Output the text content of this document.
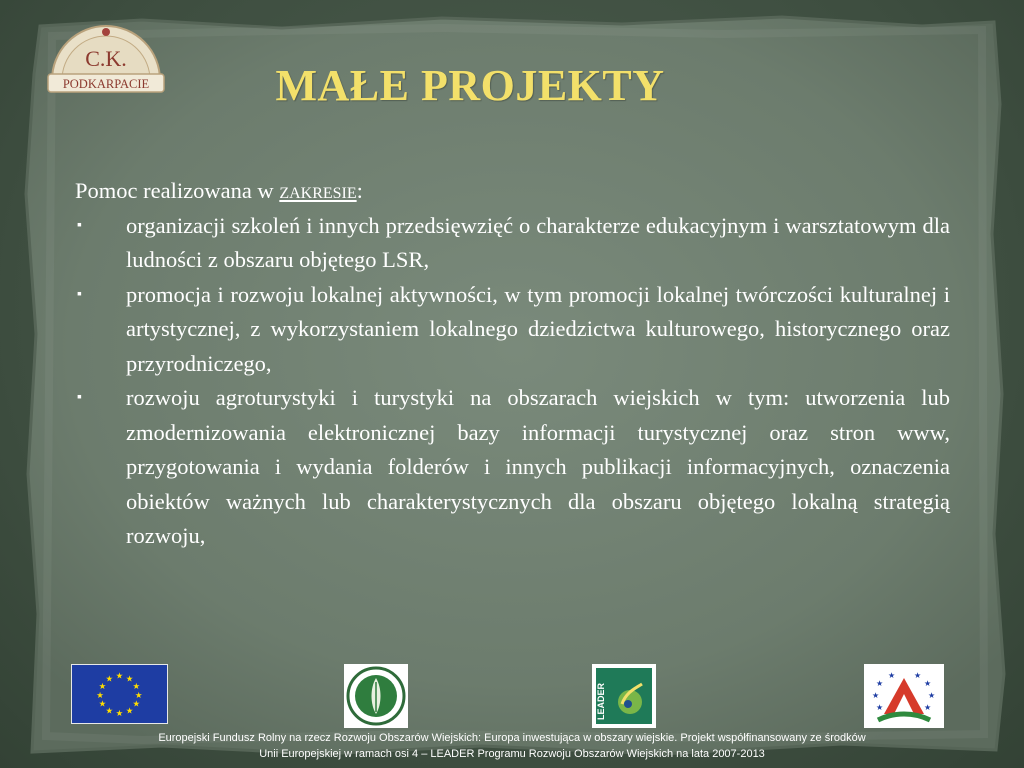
C.K.
PODKARPACIE	MAŁE PROJEKTY

Pomoc realizowana w zakresie:

▪ organizacji szkoleń i innych przedsięwzięć o charakterze edukacyjnym i warsztatowym dla ludności z obszaru objętego LSR,
▪ promocja i rozwoju lokalnej aktywności, w tym promocji lokalnej twórczości kulturalnej i artystycznej, z wykorzystaniem lokalnego dziedzictwa kulturowego, historycznego oraz przyrodniczego,
▪ rozwoju agroturystyki i turystyki na obszarach wiejskich w tym: utworzenia lub zmodernizowania elektronicznej bazy informacji turystycznej oraz stron www, przygotowania i wydania folderów i innych publikacji informacyjnych, oznaczenia obiektów ważnych lub charakterystycznych dla obszaru objętego lokalną strategią rozwoju,
★ ★
★
★
★
★
★
★
★
★
★
★
LEADER	★
★
★
★
★
★
★ ★
Europejski Fundusz Rolny na rzecz Rozwoju Obszarów Wiejskich: Europa inwestująca w obszary wiejskie. Projekt współfinansowany ze środków
Unii Europejskiej w ramach osi 4 – LEADER Programu Rozwoju Obszarów Wiejskich na lata 2007-2013
